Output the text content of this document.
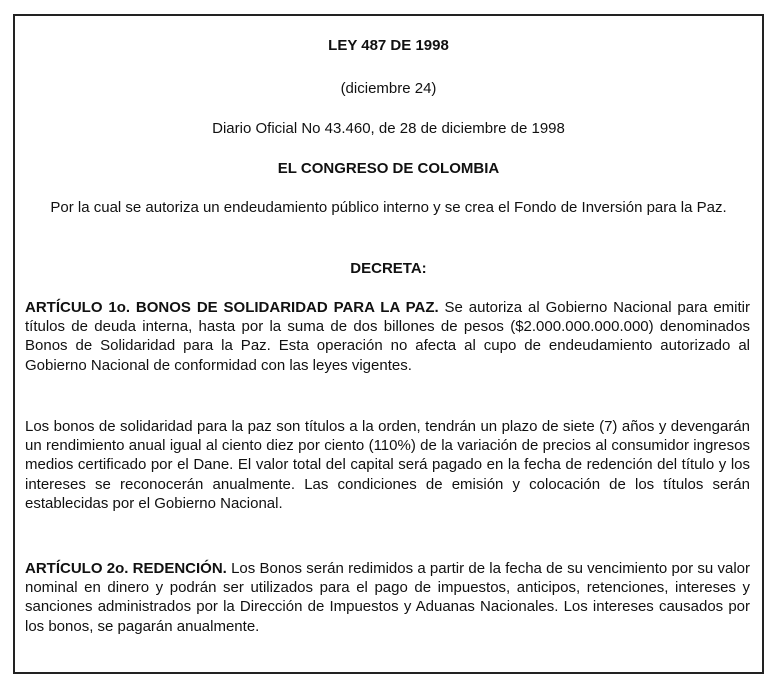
LEY 487 DE 1998
(diciembre 24)
Diario Oficial No 43.460, de 28 de diciembre de 1998
EL CONGRESO DE COLOMBIA
Por la cual se autoriza un endeudamiento público interno y se crea el Fondo de Inversión para la Paz.
DECRETA:
ARTÍCULO 1o. BONOS DE SOLIDARIDAD PARA LA PAZ. Se autoriza al Gobierno Nacional para emitir títulos de deuda interna, hasta por la suma de dos billones de pesos ($2.000.000.000.000) denominados Bonos de Solidaridad para la Paz. Esta operación no afecta al cupo de endeudamiento autorizado al Gobierno Nacional de conformidad con las leyes vigentes.
Los bonos de solidaridad para la paz son títulos a la orden, tendrán un plazo de siete (7) años y devengarán un rendimiento anual igual al ciento diez por ciento (110%) de la variación de precios al consumidor ingresos medios certificado por el Dane. El valor total del capital será pagado en la fecha de redención del título y los intereses se reconocerán anualmente. Las condiciones de emisión y colocación de los títulos serán establecidas por el Gobierno Nacional.
ARTÍCULO 2o. REDENCIÓN. Los Bonos serán redimidos a partir de la fecha de su vencimiento por su valor nominal en dinero y podrán ser utilizados para el pago de impuestos, anticipos, retenciones, intereses y sanciones administrados por la Dirección de Impuestos y Aduanas Nacionales. Los intereses causados por los bonos, se pagarán anualmente.
